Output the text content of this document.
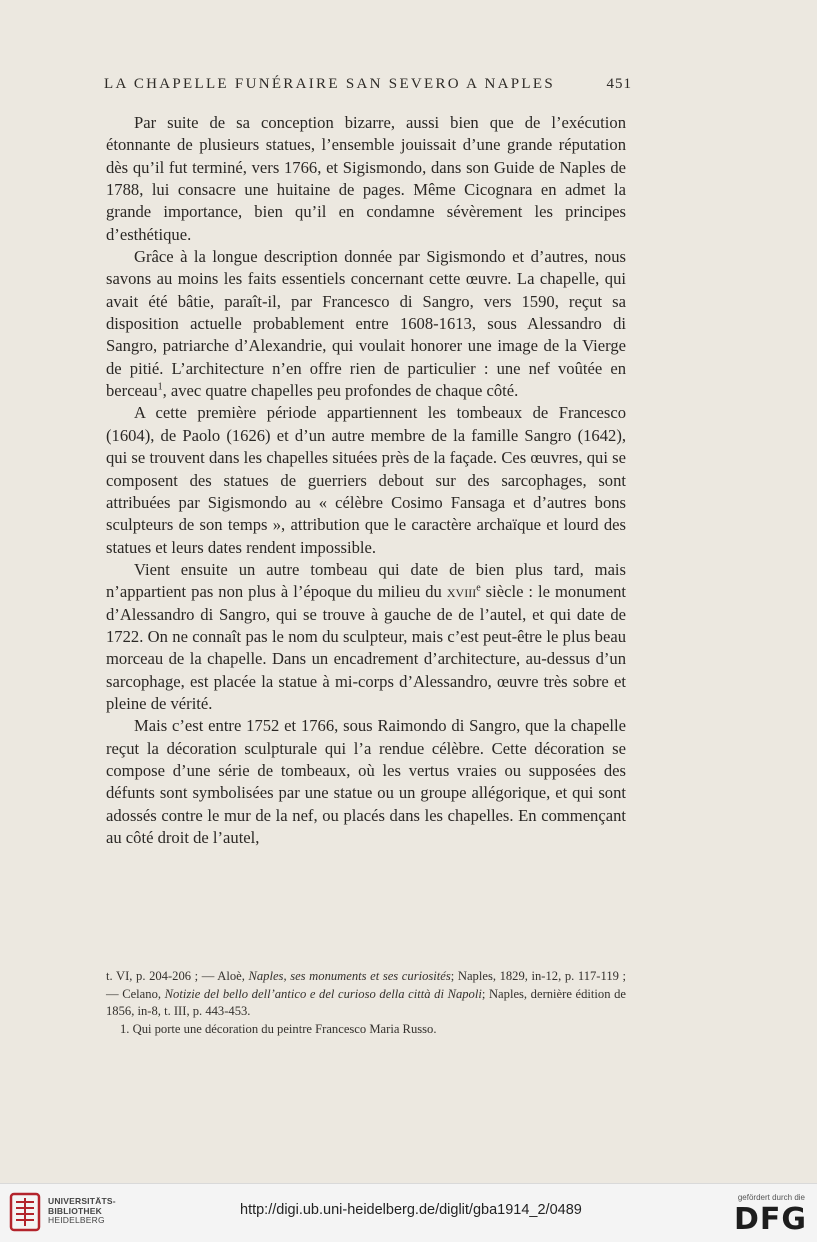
LA CHAPELLE FUNÉRAIRE SAN SEVERO A NAPLES	451

Par suite de sa conception bizarre, aussi bien que de l’exécution étonnante de plusieurs statues, l’ensemble jouissait d’une grande réputation dès qu’il fut terminé, vers 1766, et Sigismondo, dans son Guide de Naples de 1788, lui consacre une huitaine de pages. Même Cicognara en admet la grande importance, bien qu’il en condamne sévèrement les principes d’esthétique.

Grâce à la longue description donnée par Sigismondo et d’autres, nous savons au moins les faits essentiels concernant cette œuvre. La chapelle, qui avait été bâtie, paraît-il, par Francesco di Sangro, vers 1590, reçut sa disposition actuelle probablement entre 1608-1613, sous Alessandro di Sangro, patriarche d’Alexandrie, qui voulait honorer une image de la Vierge de pitié. L’architecture n’en offre rien de particulier : une nef voûtée en berceau$^1$, avec quatre chapelles peu profondes de chaque côté.

A cette première période appartiennent les tombeaux de Francesco (1604), de Paolo (1626) et d’un autre membre de la famille Sangro (1642), qui se trouvent dans les chapelles situées près de la façade. Ces œuvres, qui se composent des statues de guerriers debout sur des sarcophages, sont attribuées par Sigismondo au « célèbre Cosimo Fansaga et d’autres bons sculpteurs de son temps », attribution que le caractère archaïque et lourd des statues et leurs dates rendent impossible.

Vient ensuite un autre tombeau qui date de bien plus tard, mais n’appartient pas non plus à l’époque du milieu du xviii$^e$ siècle : le monument d’Alessandro di Sangro, qui se trouve à gauche de de l’autel, et qui date de 1722. On ne connaît pas le nom du sculpteur, mais c’est peut-être le plus beau morceau de la chapelle. Dans un encadrement d’architecture, au-dessus d’un sarcophage, est placée la statue à mi-corps d’Alessandro, œuvre très sobre et pleine de vérité.

Mais c’est entre 1752 et 1766, sous Raimondo di Sangro, que la chapelle reçut la décoration sculpturale qui l’a rendue célèbre. Cette décoration se compose d’une série de tombeaux, où les vertus vraies ou supposées des défunts sont symbolisées par une statue ou un groupe allégorique, et qui sont adossés contre le mur de la nef, ou placés dans les chapelles. En commençant au côté droit de l’autel,

t. VI, p. 204-206 ; — Aloè, Naples, ses monuments et ses curiosités; Naples, 1829, in-12, p. 117-119 ; — Celano, Notizie del bello dell’antico e del curioso della città di Napoli; Naples, dernière édition de 1856, in-8, t. III, p. 443-453.

1. Qui porte une décoration du peintre Francesco Maria Russo.

UNIVERSITÄTS-
BIBLIOTHEK
HEIDELBERG
http://digi.ub.uni-heidelberg.de/diglit/gba1914_2/0489
gefördert durch die
DFG
